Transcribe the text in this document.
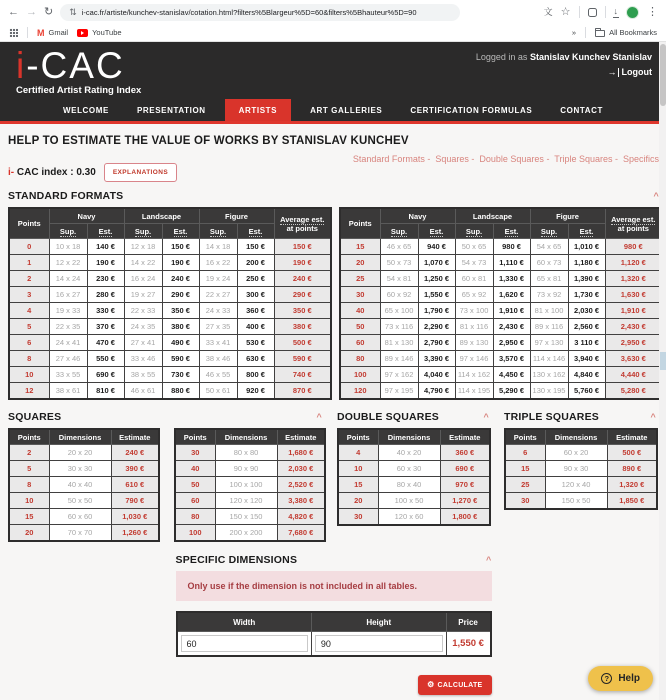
← → ↻ ⇅ i-cac.fr/artiste/kunchev-stanislav/cotation.html?filters%5Blargeur%5D=60&filters%5Bhauteur%5D=90	文 ☆	↓	⋮
M Gmail	YouTube	»	All Bookmarks
i-CAC
Certified Artist Rating Index
Logged in as Stanislav Kunchev Stanislav
→ Logout
WELCOME	PRESENTATION	ARTISTS	ART GALLERIES	CERTIFICATION FORMULAS	CONTACT
HELP TO ESTIMATE THE VALUE OF WORKS BY STANISLAV KUNCHEV
i- CAC index : 0.30	EXPLANATIONS
Standard Formats - Squares - Double Squares - Triple Squares - Specifics
STANDARD FORMATS	^
Points	Navy		Landscape		Figure		Average est.
at points
	Sup.	Est.	Sup.	Est.	Sup.	Est.	
0	10 x 18	140 €	12 x 18	150 €	14 x 18	150 €	150 €
1	12 x 22	190 €	14 x 22	190 €	16 x 22	200 €	190 €
2	14 x 24	230 €	16 x 24	240 €	19 x 24	250 €	240 €
3	16 x 27	280 €	19 x 27	290 €	22 x 27	300 €	290 €
4	19 x 33	330 €	22 x 33	350 €	24 x 33	360 €	350 €
5	22 x 35	370 €	24 x 35	380 €	27 x 35	400 €	380 €
6	24 x 41	470 €	27 x 41	490 €	33 x 41	530 €	500 €
8	27 x 46	550 €	33 x 46	590 €	38 x 46	630 €	590 €
10	33 x 55	690 €	38 x 55	730 €	46 x 55	800 €	740 €
12	38 x 61	810 €	46 x 61	880 €	50 x 61	920 €	870 €
Points	Navy		Landscape		Figure		Average est.
at points
	Sup.	Est.	Sup.	Est.	Sup.	Est.	
15	46 x 65	940 €	50 x 65	980 €	54 x 65	1,010 €	980 €
20	50 x 73	1,070 €	54 x 73	1,110 €	60 x 73	1,180 €	1,120 €
25	54 x 81	1,250 €	60 x 81	1,330 €	65 x 81	1,390 €	1,320 €
30	60 x 92	1,550 €	65 x 92	1,620 €	73 x 92	1,730 €	1,630 €
40	65 x 100	1,790 €	73 x 100	1,910 €	81 x 100	2,030 €	1,910 €
50	73 x 116	2,290 €	81 x 116	2,430 €	89 x 116	2,560 €	2,430 €
60	81 x 130	2,790 €	89 x 130	2,950 €	97 x 130	3 110 €	2,950 €
80	89 x 146	3,390 €	97 x 146	3,570 €	114 x 146	3,940 €	3,630 €
100	97 x 162	4,040 €	114 x 162	4,450 €	130 x 162	4,840 €	4,440 €
120	97 x 195	4,790 €	114 x 195	5,290 €	130 x 195	5,760 €	5,280 €
SQUARES	^
Points	Dimensions	Estimate
2	20 x 20	240 €
5	30 x 30	390 €
8	40 x 40	610 €
10	50 x 50	790 €
15	60 x 60	1,030 €
20	70 x 70	1,260 €
Points	Dimensions	Estimate
30	80 x 80	1,680 €
40	90 x 90	2,030 €
50	100 x 100	2,520 €
60	120 x 120	3,380 €
80	150 x 150	4,820 €
100	200 x 200	7,680 €
DOUBLE SQUARES	^
Points	Dimensions	Estimate
4	40 x 20	360 €
10	60 x 30	690 €
15	80 x 40	970 €
20	100 x 50	1,270 €
30	120 x 60	1,800 €
TRIPLE SQUARES	^
Points	Dimensions	Estimate
6	60 x 20	500 €
15	90 x 30	890 €
25	120 x 40	1,320 €
30	150 x 50	1,850 €
SPECIFIC DIMENSIONS	^
Only use if the dimension is not included in all tables.
Width	Height	Price
60	90	1,550 €
⚙ CALCULATE
? Help
